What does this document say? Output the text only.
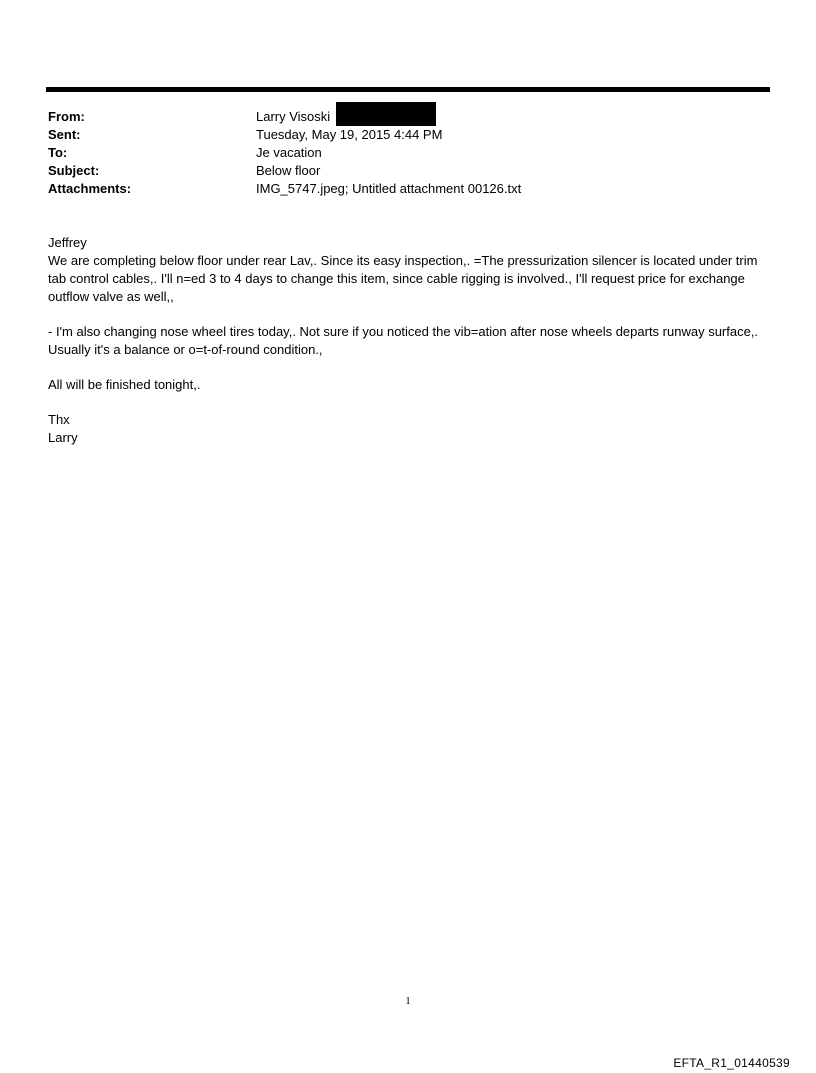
From:	Larry Visoski
Sent:	Tuesday, May 19, 2015 4:44 PM
To:	Je vacation
Subject:	Below floor
Attachments:	IMG_5747.jpeg; Untitled attachment 00126.txt

Jeffrey

We are completing below floor under rear Lav,. Since its easy inspection,. =The pressurization silencer is located under trim tab control cables,. I'll n=ed 3 to 4 days to change this item, since cable rigging is involved., I'll request price for exchange outflow valve as well,,

- I'm also changing nose wheel tires today,. Not sure if you noticed the vib=ation after nose wheels departs runway surface,. Usually it's a balance or o=t-of-round condition.,

All will be finished tonight,.

Thx

Larry

1
EFTA_R1_01440539
